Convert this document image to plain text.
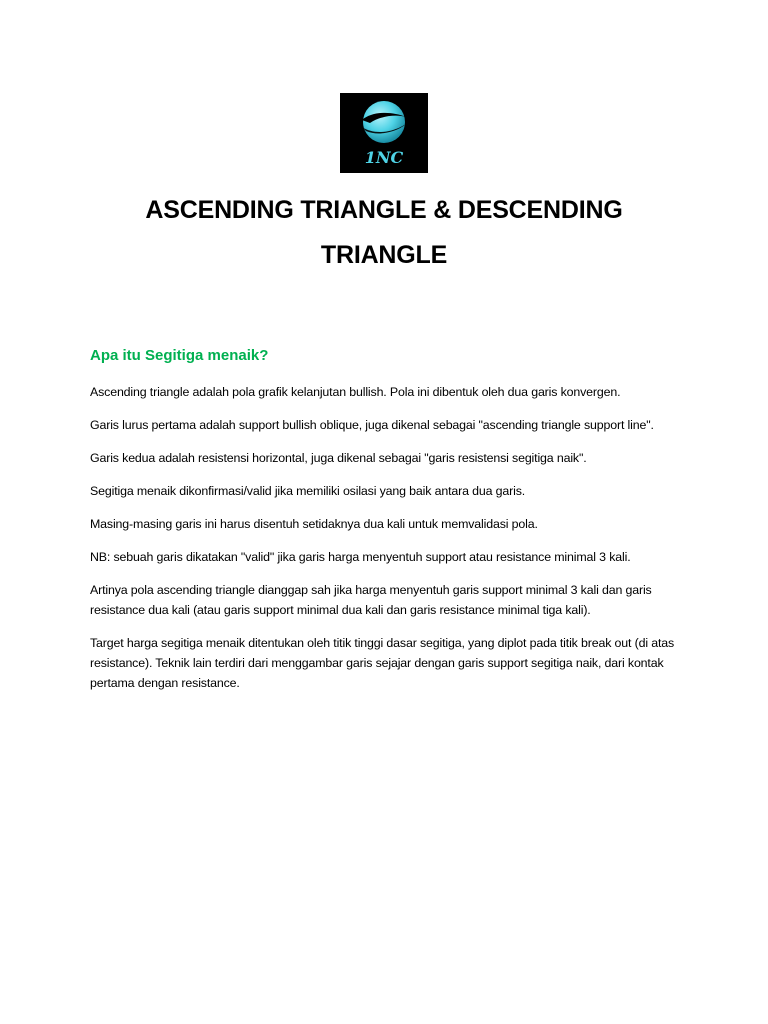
1NC
ASCENDING TRIANGLE & DESCENDING TRIANGLE
Apa itu Segitiga menaik?

Ascending triangle adalah pola grafik kelanjutan bullish. Pola ini dibentuk oleh dua garis konvergen.

Garis lurus pertama adalah support bullish oblique, juga dikenal sebagai "ascending triangle support line".

Garis kedua adalah resistensi horizontal, juga dikenal sebagai "garis resistensi segitiga naik".

Segitiga menaik dikonfirmasi/valid jika memiliki osilasi yang baik antara dua garis.

Masing-masing garis ini harus disentuh setidaknya dua kali untuk memvalidasi pola.

NB: sebuah garis dikatakan "valid" jika garis harga menyentuh support atau resistance minimal 3 kali.

Artinya pola ascending triangle dianggap sah jika harga menyentuh garis support minimal 3 kali dan garis resistance dua kali (atau garis support minimal dua kali dan garis resistance minimal tiga kali).

Target harga segitiga menaik ditentukan oleh titik tinggi dasar segitiga, yang diplot pada titik break out (di atas resistance). Teknik lain terdiri dari menggambar garis sejajar dengan garis support segitiga naik, dari kontak pertama dengan resistance.
